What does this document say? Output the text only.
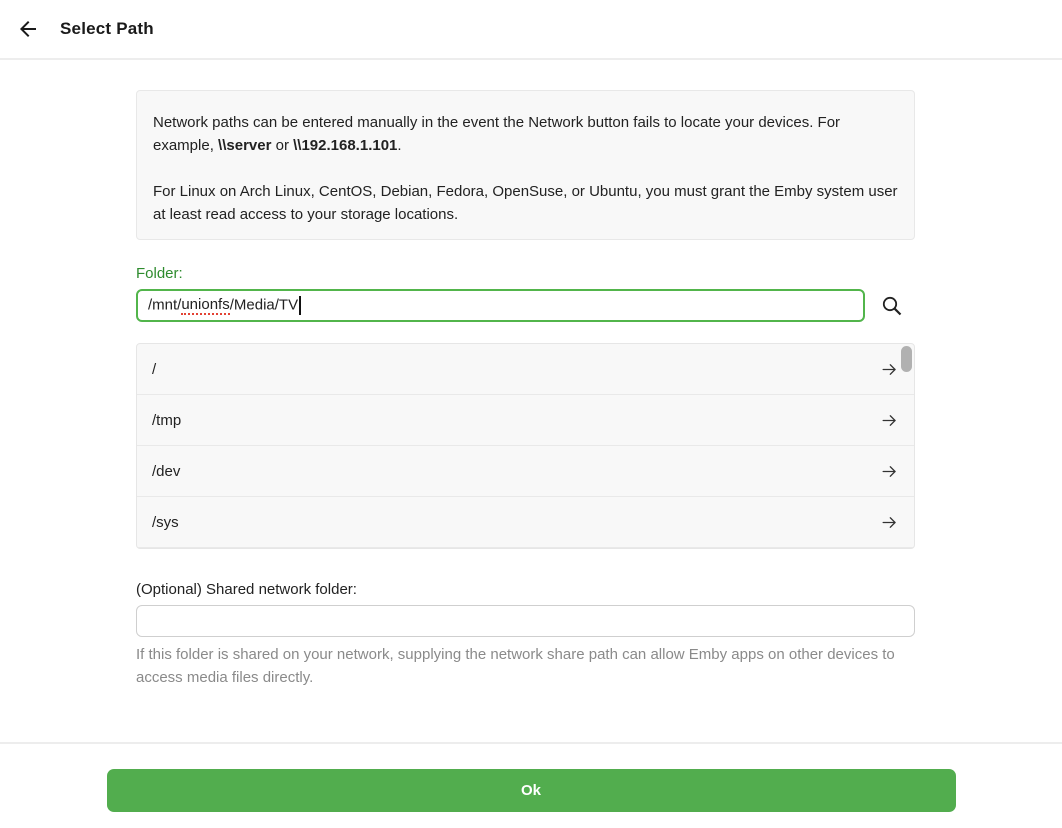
Select Path

Network paths can be entered manually in the event the Network button fails to locate your devices. For example, \\server or \\192.168.1.101.

For Linux on Arch Linux, CentOS, Debian, Fedora, OpenSuse, or Ubuntu, you must grant the Emby system user at least read access to your storage locations.

Folder:
/mnt/unionfs/Media/TV
/
/tmp
/dev
/sys
(Optional) Shared network folder:
If this folder is shared on your network, supplying the network share path can allow Emby apps on other devices to access media files directly.
Ok
